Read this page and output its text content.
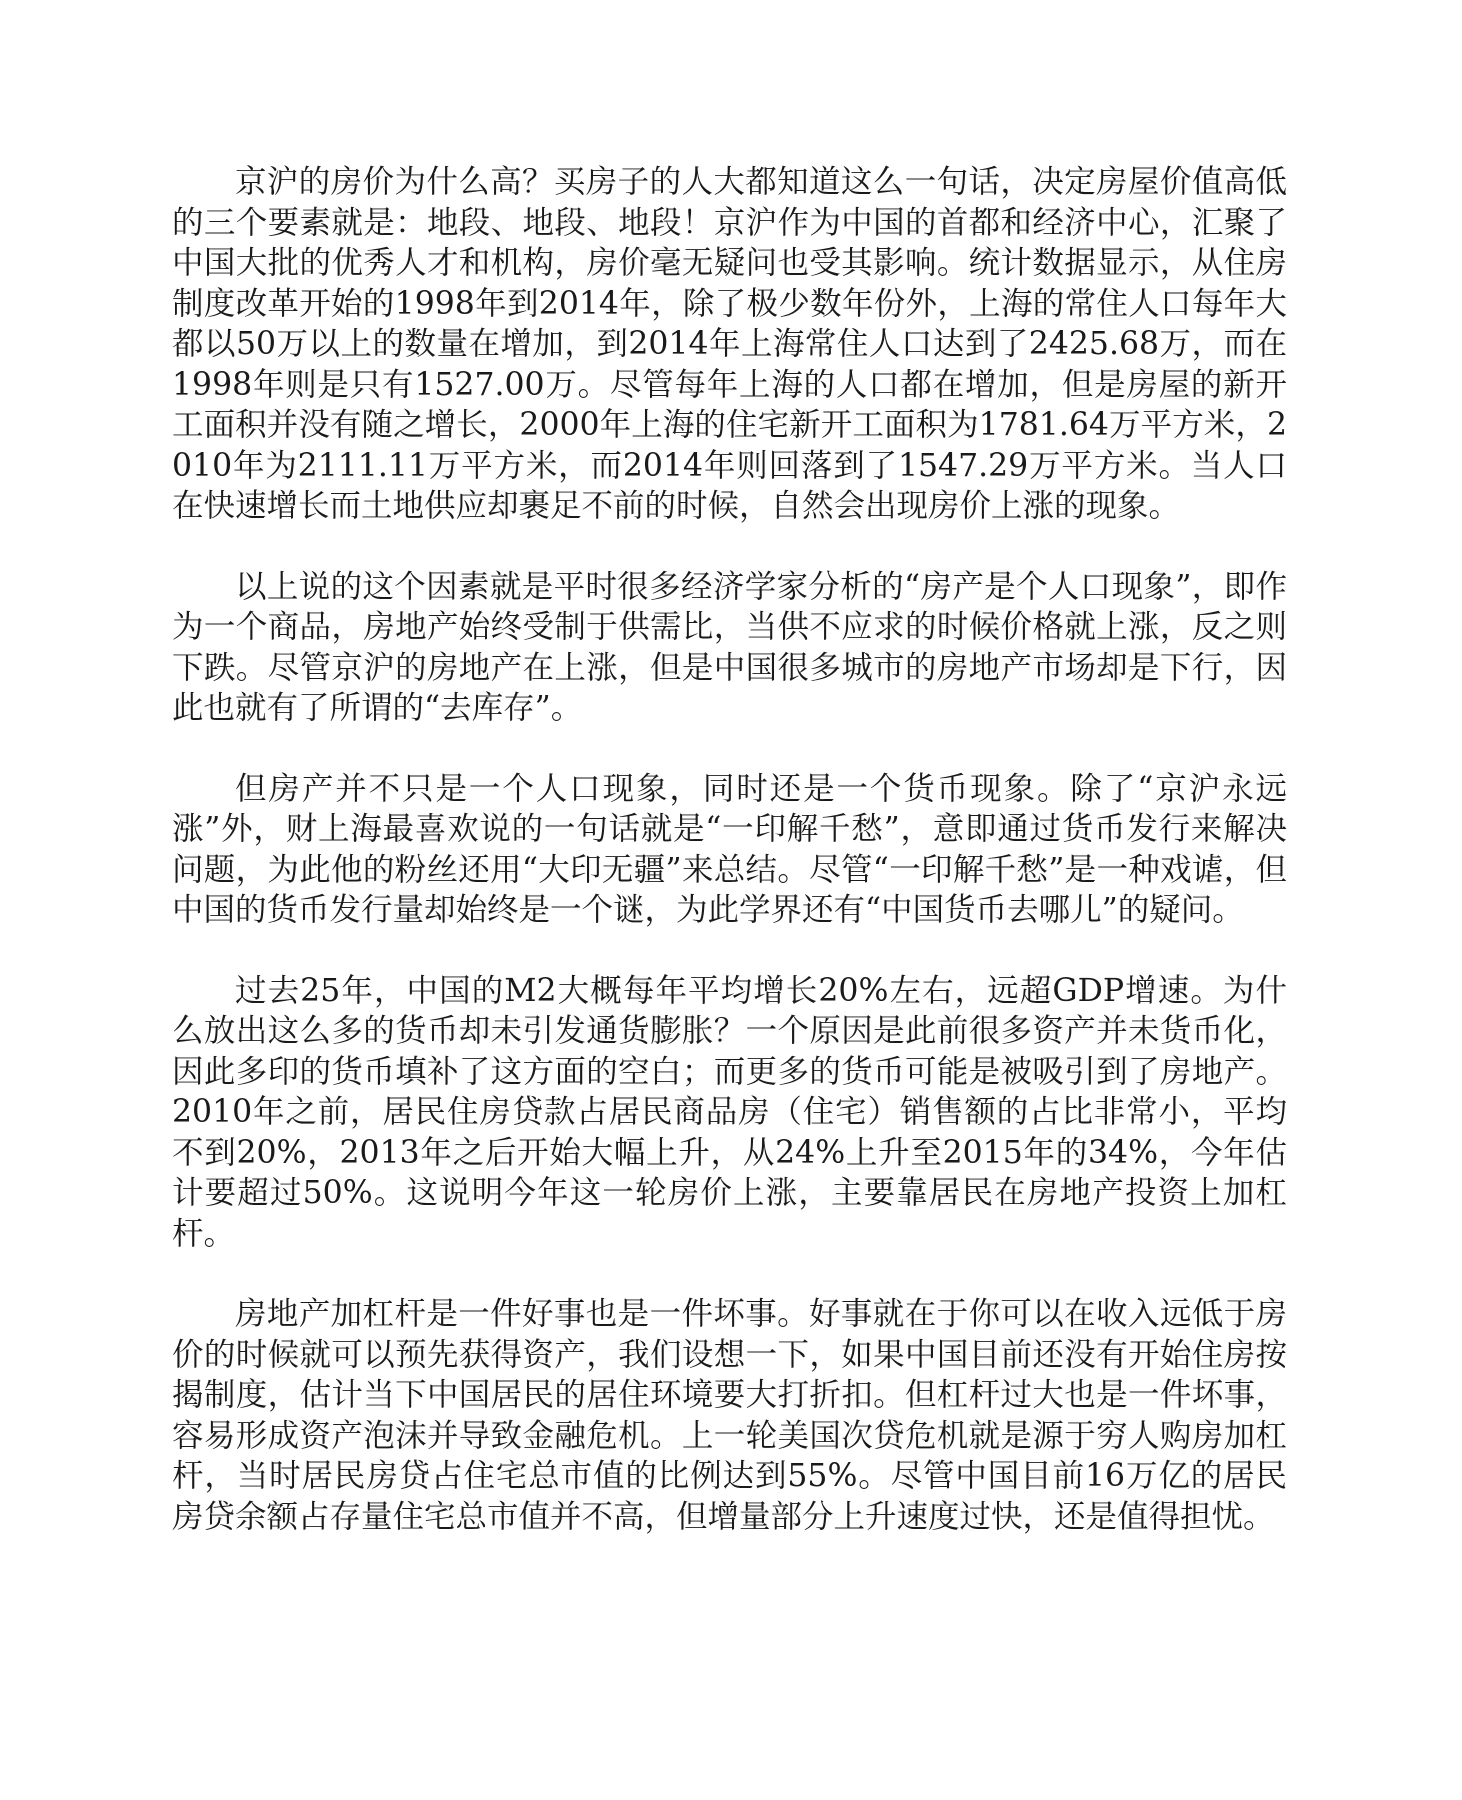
京沪的房价为什么高？买房子的人大都知道这么一句话，决定房屋价值高低的三个要素就是：地段、地段、地段！京沪作为中国的首都和经济中心，汇聚了中国大批的优秀人才和机构，房价毫无疑问也受其影响。统计数据显示，从住房制度改革开始的1998年到2014年，除了极少数年份外，上海的常住人口每年大都以50万以上的数量在增加，到2014年上海常住人口达到了2425.68万，而在1998年则是只有1527.00万。尽管每年上海的人口都在增加，但是房屋的新开工面积并没有随之增长，2000年上海的住宅新开工面积为1781.64万平方米，2010年为2111.11万平方米，而2014年则回落到了1547.29万平方米。当人口在快速增长而土地供应却裹足不前的时候，自然会出现房价上涨的现象。

以上说的这个因素就是平时很多经济学家分析的“房产是个人口现象”，即作为一个商品，房地产始终受制于供需比，当供不应求的时候价格就上涨，反之则下跌。尽管京沪的房地产在上涨，但是中国很多城市的房地产市场却是下行，因此也就有了所谓的“去库存”。

但房产并不只是一个人口现象，同时还是一个货币现象。除了“京沪永远涨”外，财上海最喜欢说的一句话就是“一印解千愁”，意即通过货币发行来解决问题，为此他的粉丝还用“大印无疆”来总结。尽管“一印解千愁”是一种戏谑，但中国的货币发行量却始终是一个谜，为此学界还有“中国货币去哪儿”的疑问。

过去25年，中国的M2大概每年平均增长20%左右，远超GDP增速。为什么放出这么多的货币却未引发通货膨胀？一个原因是此前很多资产并未货币化，因此多印的货币填补了这方面的空白；而更多的货币可能是被吸引到了房地产。2010年之前，居民住房贷款占居民商品房（住宅）销售额的占比非常小，平均不到20%，2013年之后开始大幅上升，从24%上升至2015年的34%，今年估计要超过50%。这说明今年这一轮房价上涨，主要靠居民在房地产投资上加杠杆。

房地产加杠杆是一件好事也是一件坏事。好事就在于你可以在收入远低于房价的时候就可以预先获得资产，我们设想一下，如果中国目前还没有开始住房按揭制度，估计当下中国居民的居住环境要大打折扣。但杠杆过大也是一件坏事，容易形成资产泡沫并导致金融危机。上一轮美国次贷危机就是源于穷人购房加杠杆，当时居民房贷占住宅总市值的比例达到55%。尽管中国目前16万亿的居民房贷余额占存量住宅总市值并不高，但增量部分上升速度过快，还是值得担忧。
